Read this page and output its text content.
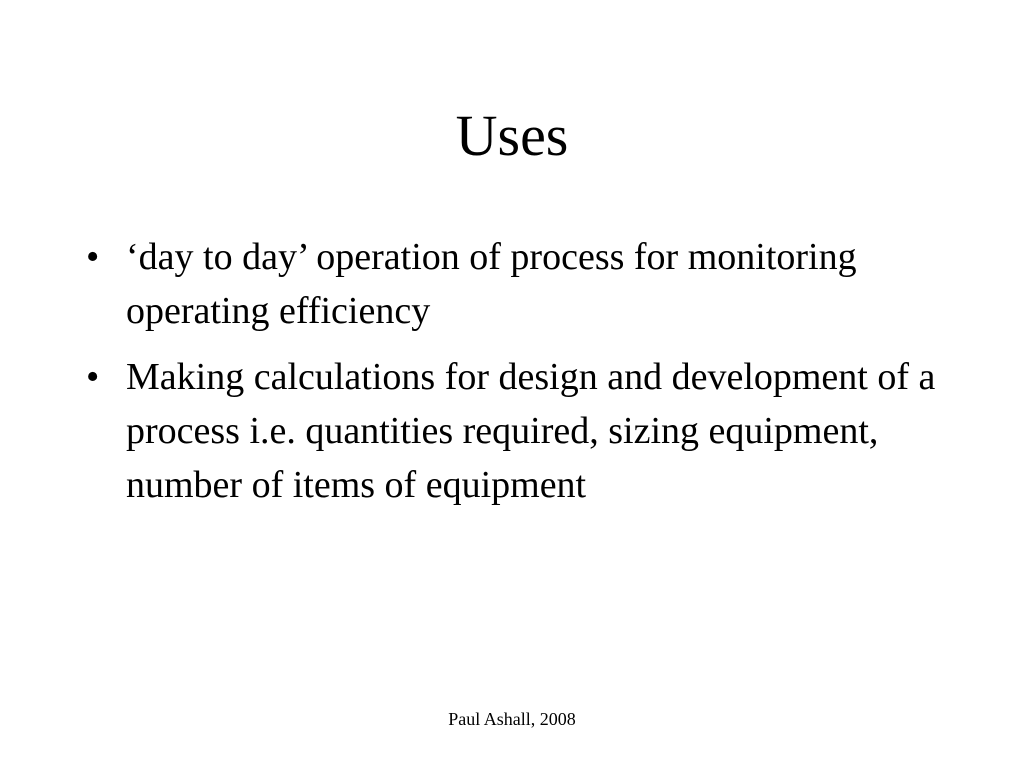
Uses
• ‘day to day’ operation of process for monitoring operating efficiency
• Making calculations for design and development of a process i.e. quantities required, sizing equipment, number of items of equipment
Paul Ashall, 2008
